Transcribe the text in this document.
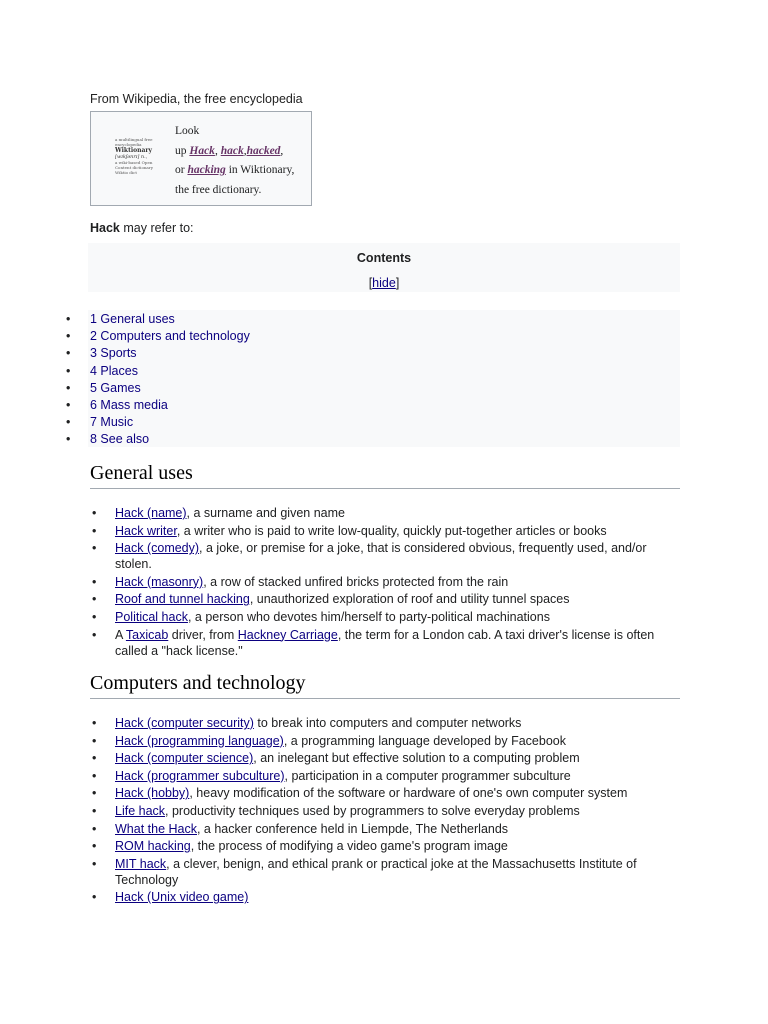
From Wikipedia, the free encyclopedia
a multilingual free
encyclopedia
Wiktionary
[wɪkʃənrɪ] n.,
a wiki-based Open
Content dictionary
Wiktio dict
Look
up Hack, hack,hacked,
or hacking in Wiktionary,
the free dictionary.
Hack may refer to:
Contents
[hide]
• 1 General uses
• 2 Computers and technology
• 3 Sports
• 4 Places
• 5 Games
• 6 Mass media
• 7 Music
• 8 See also
General uses
• Hack (name), a surname and given name
• Hack writer, a writer who is paid to write low-quality, quickly put-together articles or books
• Hack (comedy), a joke, or premise for a joke, that is considered obvious, frequently used, and/or stolen.
• Hack (masonry), a row of stacked unfired bricks protected from the rain
• Roof and tunnel hacking, unauthorized exploration of roof and utility tunnel spaces
• Political hack, a person who devotes him/herself to party-political machinations
• A Taxicab driver, from Hackney Carriage, the term for a London cab. A taxi driver's license is often called a "hack license."
Computers and technology
• Hack (computer security) to break into computers and computer networks
• Hack (programming language), a programming language developed by Facebook
• Hack (computer science), an inelegant but effective solution to a computing problem
• Hack (programmer subculture), participation in a computer programmer subculture
• Hack (hobby), heavy modification of the software or hardware of one's own computer system
• Life hack, productivity techniques used by programmers to solve everyday problems
• What the Hack, a hacker conference held in Liempde, The Netherlands
• ROM hacking, the process of modifying a video game's program image
• MIT hack, a clever, benign, and ethical prank or practical joke at the Massachusetts Institute of Technology
• Hack (Unix video game)
